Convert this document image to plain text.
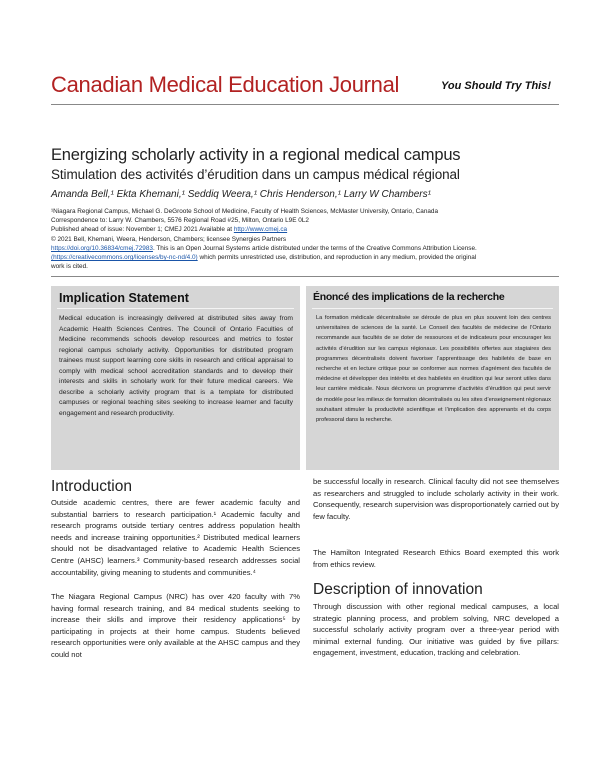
Canadian Medical Education Journal	You Should Try This!
Energizing scholarly activity in a regional medical campus
Stimulation des activités d’érudition dans un campus médical régional
Amanda Bell,¹ Ekta Khemani,¹ Seddiq Weera,¹ Chris Henderson,¹ Larry W Chambers¹
¹Niagara Regional Campus, Michael G. DeGroote School of Medicine, Faculty of Health Sciences, McMaster University, Ontario, Canada
Correspondence to: Larry W. Chambers, 5576 Regional Road #25, Milton, Ontario L9E 0L2
Published ahead of issue: November 1; CMEJ 2021 Available at http://www.cmej.ca
© 2021 Bell, Khemani, Weera, Henderson, Chambers; licensee Synergies Partners
https://doi.org/10.36834/cmej.72983. This is an Open Journal Systems article distributed under the terms of the Creative Commons Attribution License.
(https://creativecommons.org/licenses/by-nc-nd/4.0) which permits unrestricted use, distribution, and reproduction in any medium, provided the original
work is cited.
Implication Statement

Medical education is increasingly delivered at distributed sites away from Academic Health Sciences Centres. The Council of Ontario Faculties of Medicine recommends schools develop resources and metrics to foster regional campus scholarly activity. Opportunities for distributed program trainees must support learning core skills in research and critical appraisal to comply with medical school accreditation standards and to develop their interests and skills in scholarly work for their future medical careers. We describe a scholarly activity program that is a template for distributed campuses or regional teaching sites seeking to increase learner and faculty engagement and research productivity.

Énoncé des implications de la recherche

La formation médicale décentralisée se déroule de plus en plus souvent loin des centres universitaires de sciences de la santé. Le Conseil des facultés de médecine de l’Ontario recommande aux facultés de se doter de ressources et de indicateurs pour encourager les activités d’érudition sur les campus régionaux. Les possibilités offertes aux stagiaires des programmes décentralisés doivent favoriser l’apprentissage des habiletés de base en recherche et en lecture critique pour se conformer aux normes d’agrément des facultés de médecine et développer des intérêts et des habiletés en érudition qui leur seront utiles dans leur carrière médicale. Nous décrivons un programme d’activités d’érudition qui peut servir de modèle pour les milieux de formation décentralisés ou les sites d’enseignement régionaux souhaitant stimuler la productivité scientifique et l’implication des apprenants et du corps professoral dans la recherche.

Introduction

Outside academic centres, there are fewer academic faculty and substantial barriers to research participation.¹ Academic faculty and research programs outside tertiary centres address population health needs and increase training opportunities.² Distributed medical learners should not be disadvantaged relative to Academic Health Sciences Centre (AHSC) learners.³ Community-based research addresses social accountability, giving meaning to students and communities.⁴

The Niagara Regional Campus (NRC) has over 420 faculty with 7% having formal research training, and 84 medical students seeking to increase their skills and improve their residency applications⁵ by participating in projects at their home campus. Students believed research opportunities were only available at the AHSC campus and they could not

be successful locally in research. Clinical faculty did not see themselves as researchers and struggled to include scholarly activity in their work. Consequently, research supervision was disproportionately carried out by few faculty.

The Hamilton Integrated Research Ethics Board exempted this work from ethics review.

Description of innovation

Through discussion with other regional medical campuses, a local strategic planning process, and problem solving, NRC developed a successful scholarly activity program over a three-year period with minimal external funding. Our initiative was guided by five pillars: engagement, investment, education, tracking and celebration.
